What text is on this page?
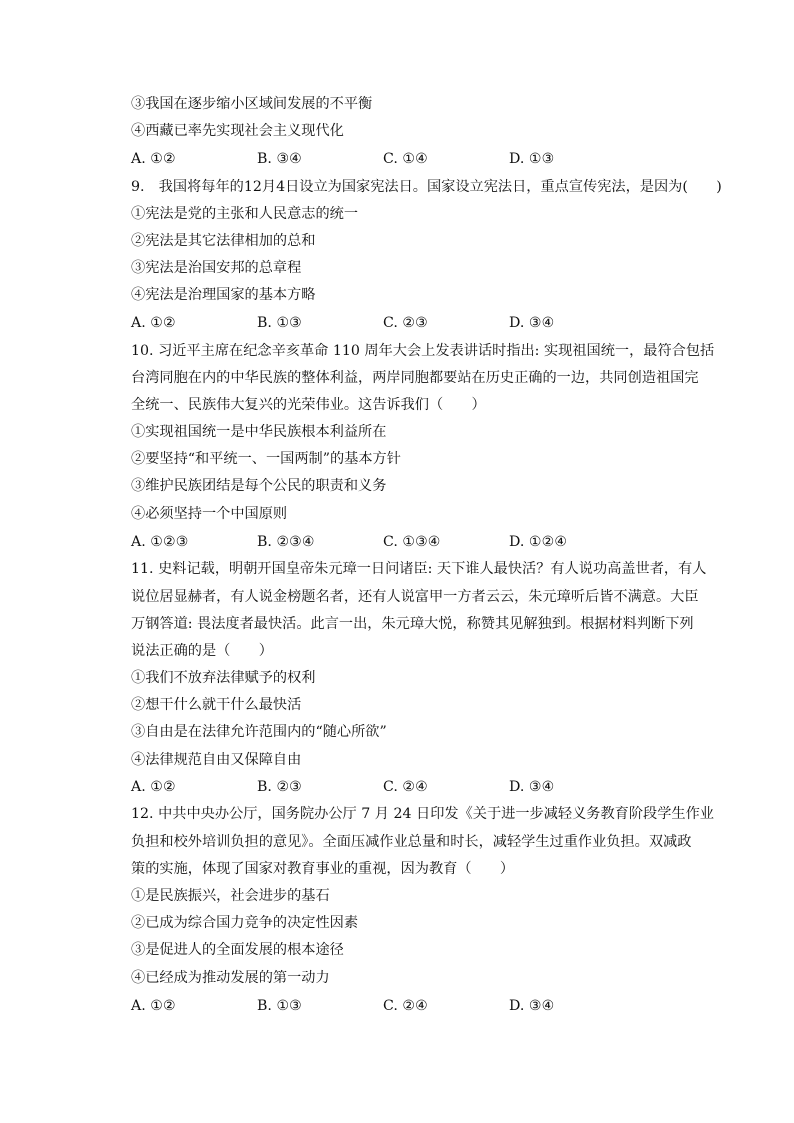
③我国在逐步缩小区域间发展的不平衡
④西藏已率先实现社会主义现代化
A. ①②	B. ③④	C. ①④	D. ①③
9.　我国将每年的12月4日设立为国家宪法日。国家设立宪法日，重点宣传宪法，是因为(　　)
①宪法是党的主张和人民意志的统一
②宪法是其它法律相加的总和
③宪法是治国安邦的总章程
④宪法是治理国家的基本方略
A. ①②	B. ①③	C. ②③	D. ③④
10. 习近平主席在纪念辛亥革命 110 周年大会上发表讲话时指出: 实现祖国统一，最符合包括
台湾同胞在内的中华民族的整体利益，两岸同胞都要站在历史正确的一边，共同创造祖国完
全统一、民族伟大复兴的光荣伟业。这告诉我们（　　）
①实现祖国统一是中华民族根本利益所在
②要坚持“和平统一、一国两制”的基本方针
③维护民族团结是每个公民的职责和义务
④必须坚持一个中国原则
A. ①②③	B. ②③④	C. ①③④	D. ①②④
11. 史料记载，明朝开国皇帝朱元璋一日问诸臣: 天下谁人最快活？有人说功高盖世者，有人
说位居显赫者，有人说金榜题名者，还有人说富甲一方者云云，朱元璋听后皆不满意。大臣
万钢答道: 畏法度者最快活。此言一出，朱元璋大悦，称赞其见解独到。根据材料判断下列
说法正确的是（　　）
①我们不放弃法律赋予的权利
②想干什么就干什么最快活
③自由是在法律允许范围内的“随心所欲”
④法律规范自由又保障自由
A. ①②	B. ②③	C. ②④	D. ③④
12. 中共中央办公厅，国务院办公厅 7 月 24 日印发《关于进一步减轻义务教育阶段学生作业
负担和校外培训负担的意见》。全面压减作业总量和时长，减轻学生过重作业负担。双减政
策的实施，体现了国家对教育事业的重视，因为教育（　　）
①是民族振兴，社会进步的基石
②已成为综合国力竞争的决定性因素
③是促进人的全面发展的根本途径
④已经成为推动发展的第一动力
A. ①②	B. ①③	C. ②④	D. ③④
